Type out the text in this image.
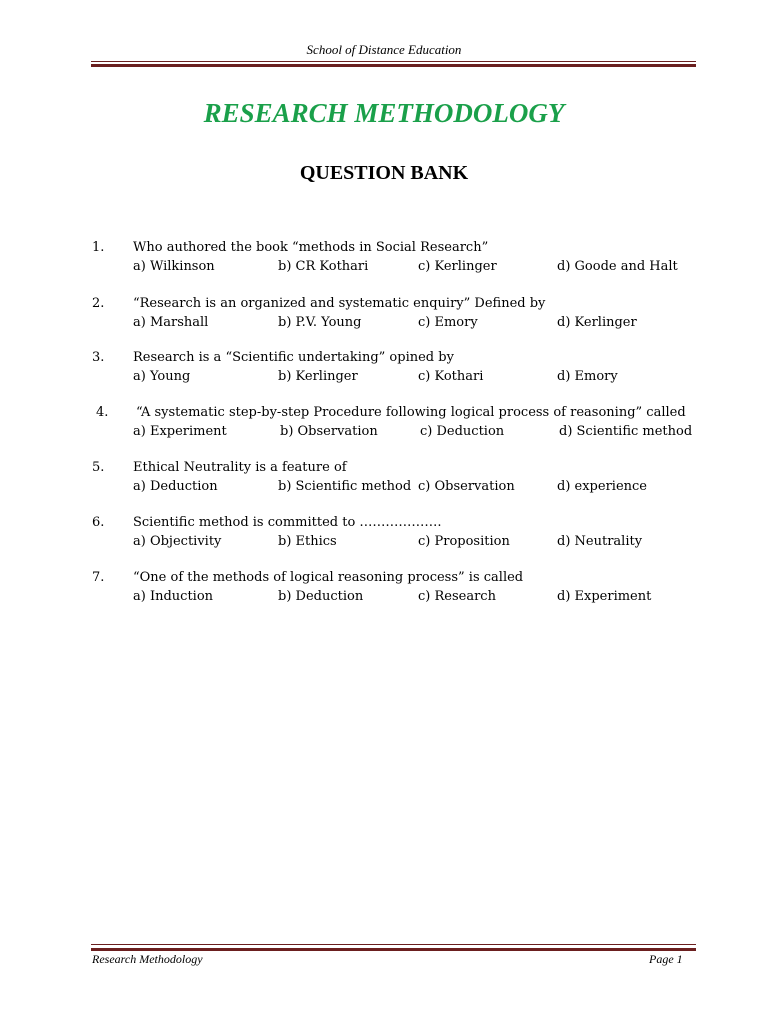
School of Distance Education
RESEARCH METHODOLOGY
QUESTION BANK
1. Who authored the book “methods in Social Research”
a) Wilkinson	b) CR Kothari	c) Kerlinger	d) Goode and Halt
2. “Research is an organized and systematic enquiry” Defined by
a) Marshall	b) P.V. Young	c) Emory	d) Kerlinger
3. Research is a “Scientific undertaking” opined by
a) Young	b) Kerlinger	c) Kothari	d) Emory
4. “A systematic step-by-step Procedure following logical process of reasoning” called
a) Experiment	b) Observation	c) Deduction	d) Scientific method
5. Ethical Neutrality is a feature of
a) Deduction	b) Scientific method c) Observation	d) experience
6. Scientific method is committed to ……………….
a) Objectivity	b) Ethics	c) Proposition	d) Neutrality
7. “One of the methods of logical reasoning process” is called
a) Induction	b) Deduction	c) Research	d) Experiment
Research Methodology	Page 1
